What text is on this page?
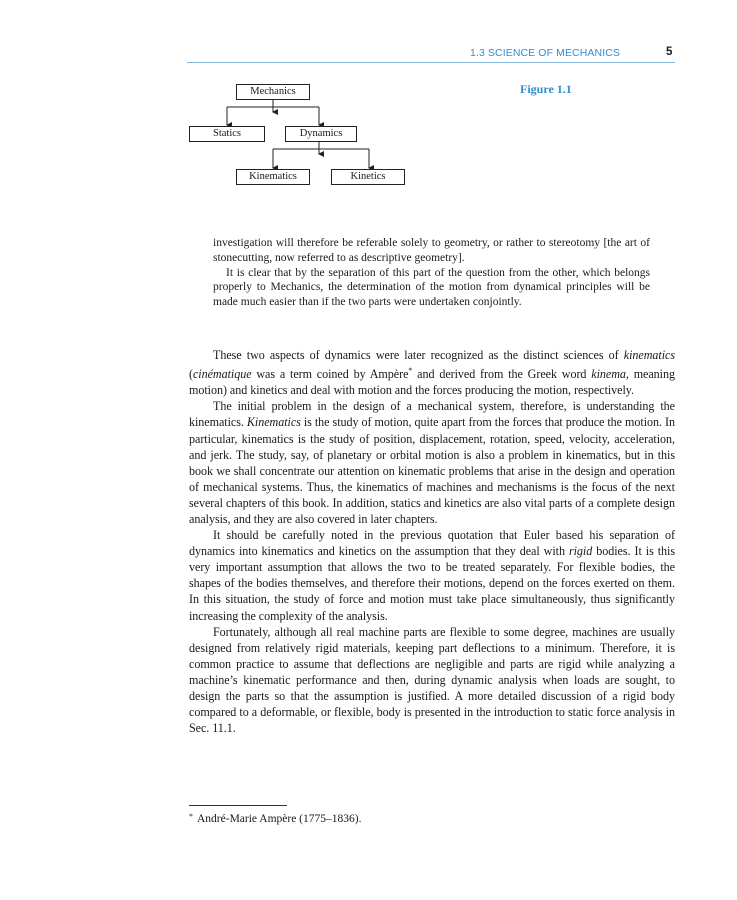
1.3 SCIENCE OF MECHANICS	5
Mechanics
Statics	Dynamics
Kinematics	Kinetics
Figure 1.1

investigation will therefore be referable solely to geometry, or rather to stereotomy [the art of stonecutting, now referred to as descriptive geometry].

It is clear that by the separation of this part of the question from the other, which belongs properly to Mechanics, the determination of the motion from dynamical principles will be made much easier than if the two parts were undertaken conjointly.

These two aspects of dynamics were later recognized as the distinct sciences of kinematics (cinématique was a term coined by Ampère* and derived from the Greek word kinema, meaning motion) and kinetics and deal with motion and the forces producing the motion, respectively.

The initial problem in the design of a mechanical system, therefore, is understanding the kinematics. Kinematics is the study of motion, quite apart from the forces that produce the motion. In particular, kinematics is the study of position, displacement, rotation, speed, velocity, acceleration, and jerk. The study, say, of planetary or orbital motion is also a problem in kinematics, but in this book we shall concentrate our attention on kinematic problems that arise in the design and operation of mechanical systems. Thus, the kinematics of machines and mechanisms is the focus of the next several chapters of this book. In addition, statics and kinetics are also vital parts of a complete design analysis, and they are also covered in later chapters.

It should be carefully noted in the previous quotation that Euler based his separation of dynamics into kinematics and kinetics on the assumption that they deal with rigid bodies. It is this very important assumption that allows the two to be treated separately. For flexible bodies, the shapes of the bodies themselves, and therefore their motions, depend on the forces exerted on them. In this situation, the study of force and motion must take place simultaneously, thus significantly increasing the complexity of the analysis.

Fortunately, although all real machine parts are flexible to some degree, machines are usually designed from relatively rigid materials, keeping part deflections to a minimum. Therefore, it is common practice to assume that deflections are negligible and parts are rigid while analyzing a machine’s kinematic performance and then, during dynamic analysis when loads are sought, to design the parts so that the assumption is justified. A more detailed discussion of a rigid body compared to a deformable, or flexible, body is presented in the introduction to static force analysis in Sec. 11.1.

* André-Marie Ampère (1775–1836).
